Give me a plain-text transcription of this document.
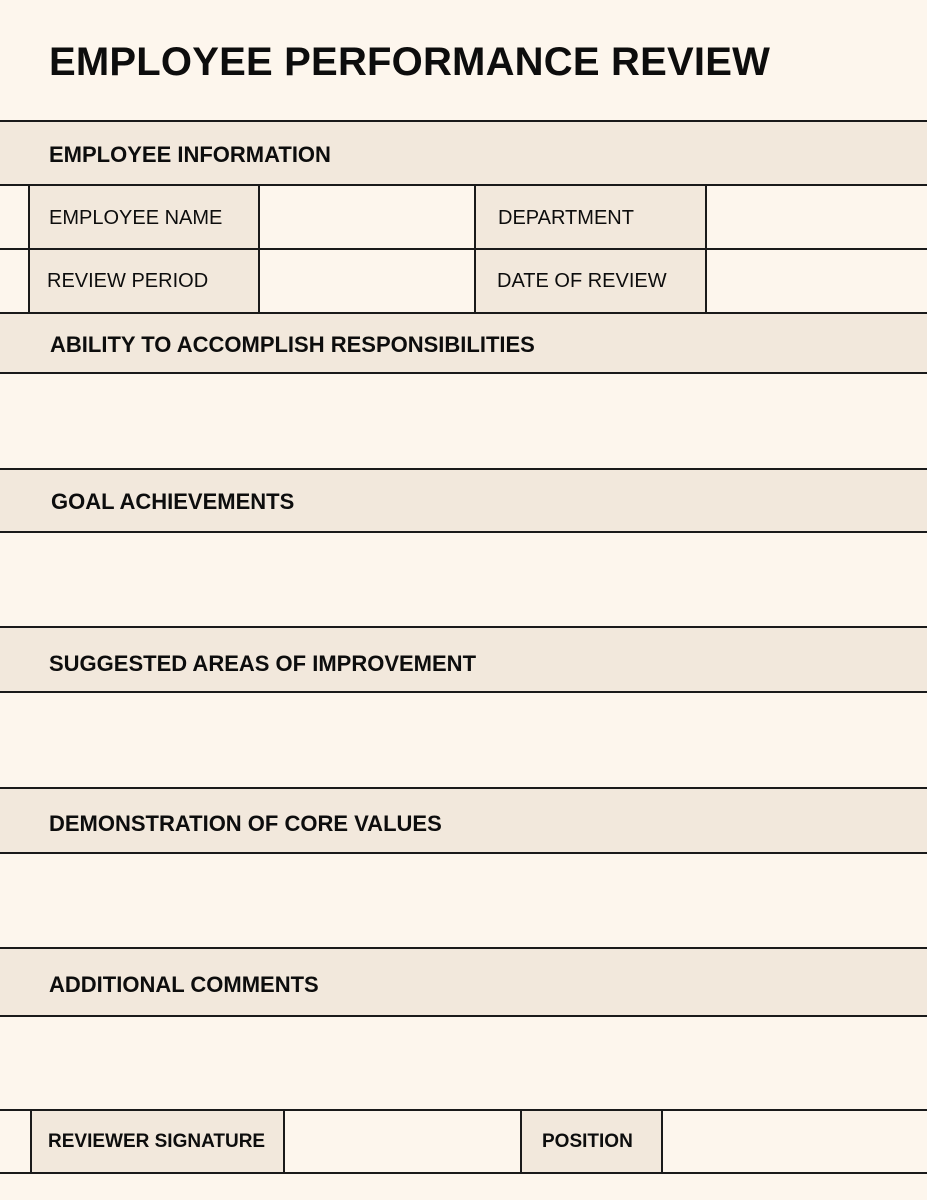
EMPLOYEE PERFORMANCE REVIEW
EMPLOYEE INFORMATION
EMPLOYEE NAME	DEPARTMENT
REVIEW PERIOD	DATE OF REVIEW
ABILITY TO ACCOMPLISH RESPONSIBILITIES
GOAL ACHIEVEMENTS
SUGGESTED AREAS OF IMPROVEMENT
DEMONSTRATION OF CORE VALUES
ADDITIONAL COMMENTS
REVIEWER SIGNATURE	POSITION
